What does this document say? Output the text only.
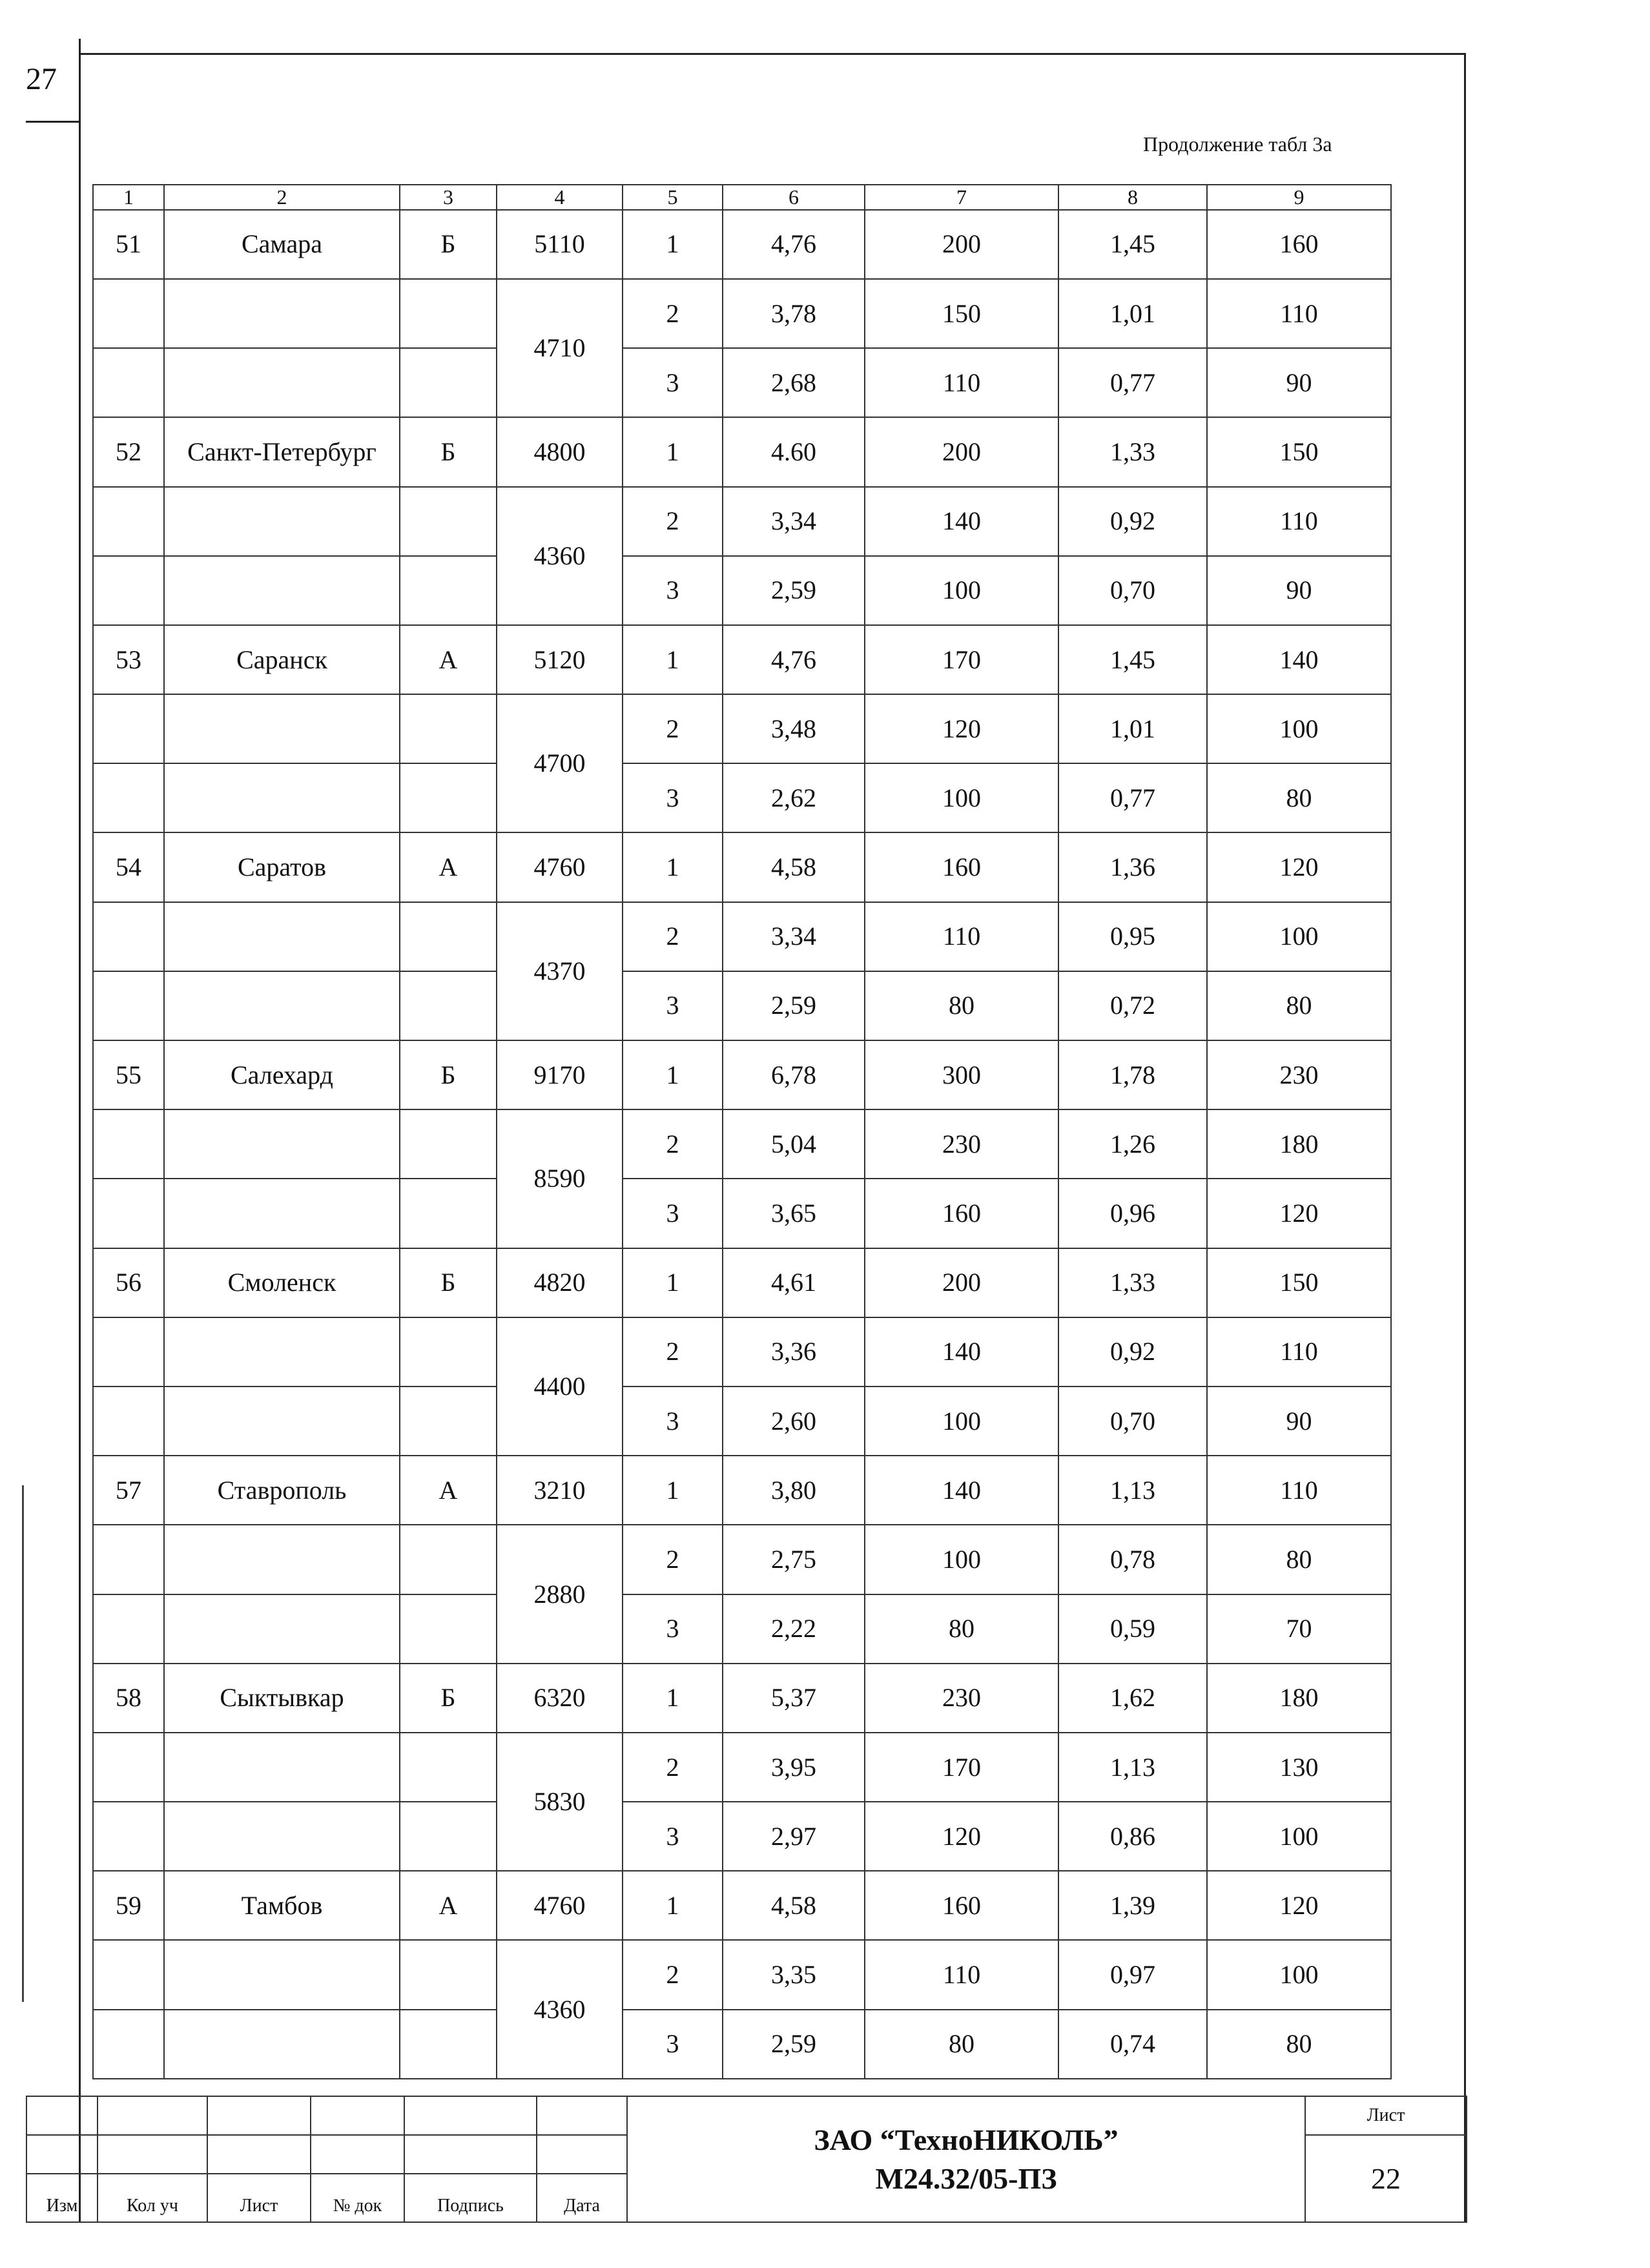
27
Продолжение табл 3а
1	2	3	4	5	6	7	8	9
51	Самара	Б	5110	1	4,76	200	1,45	160
			4710	2	3,78	150	1,01	110
				3	2,68	110	0,77	90
52	Санкт-Петербург	Б	4800	1	4.60	200	1,33	150
			4360	2	3,34	140	0,92	110
				3	2,59	100	0,70	90
53	Саранск	А	5120	1	4,76	170	1,45	140
			4700	2	3,48	120	1,01	100
				3	2,62	100	0,77	80
54	Саратов	А	4760	1	4,58	160	1,36	120
			4370	2	3,34	110	0,95	100
				3	2,59	80	0,72	80
55	Салехард	Б	9170	1	6,78	300	1,78	230
			8590	2	5,04	230	1,26	180
				3	3,65	160	0,96	120
56	Смоленск	Б	4820	1	4,61	200	1,33	150
			4400	2	3,36	140	0,92	110
				3	2,60	100	0,70	90
57	Ставрополь	А	3210	1	3,80	140	1,13	110
			2880	2	2,75	100	0,78	80
				3	2,22	80	0,59	70
58	Сыктывкар	Б	6320	1	5,37	230	1,62	180
			5830	2	3,95	170	1,13	130
				3	2,97	120	0,86	100
59	Тамбов	А	4760	1	4,58	160	1,39	120
			4360	2	3,35	110	0,97	100
				3	2,59	80	0,74	80

						ЗАО “ТехноНИКОЛЬ”
М24.32/05-ПЗ	Лист
							22
Изм	Кол уч	Лист	№ док	Подпись	Дата		
